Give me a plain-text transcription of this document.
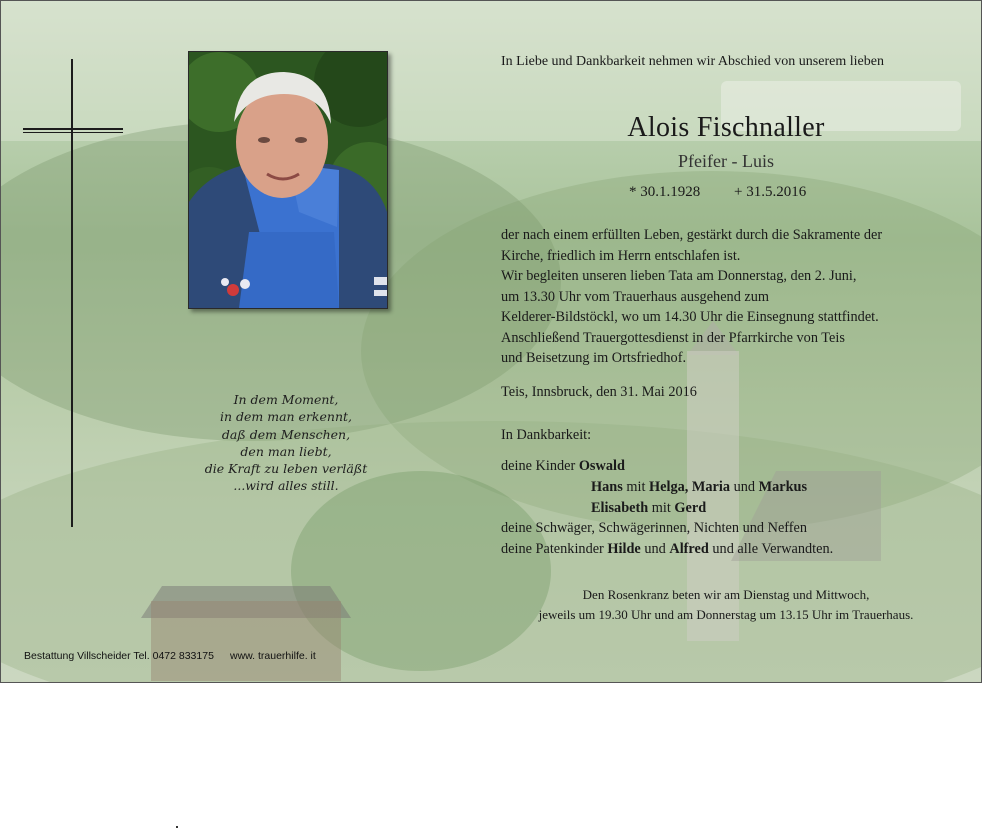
In dem Moment,
in dem man erkennt,
daß dem Menschen,
den man liebt,
die Kraft zu leben verläßt
...wird alles still.
In Liebe und Dankbarkeit nehmen wir Abschied von unserem lieben
Alois Fischnaller
Pfeifer - Luis
* 30.1.1928 + 31.5.2016
der nach einem erfüllten Leben, gestärkt durch die Sakramente der
Kirche, friedlich im Herrn entschlafen ist.
Wir begleiten unseren lieben Tata am Donnerstag, den 2. Juni,
um 13.30 Uhr vom Trauerhaus ausgehend zum
Kelderer-Bildstöckl, wo um 14.30 Uhr die Einsegnung stattfindet.
Anschließend Trauergottesdienst in der Pfarrkirche von Teis
und Beisetzung im Ortsfriedhof.
Teis, Innsbruck, den 31. Mai 2016
In Dankbarkeit:
deine Kinder Oswald
Hans mit Helga, Maria und Markus
Elisabeth mit Gerd
deine Schwäger, Schwägerinnen, Nichten und Neffen
deine Patenkinder Hilde und Alfred und alle Verwandten.
Den Rosenkranz beten wir am Dienstag und Mittwoch,
jeweils um 19.30 Uhr und am Donnerstag um 13.15 Uhr im Trauerhaus.
Bestattung Villscheider Tel. 0472 833175 www. trauerhilfe. it
